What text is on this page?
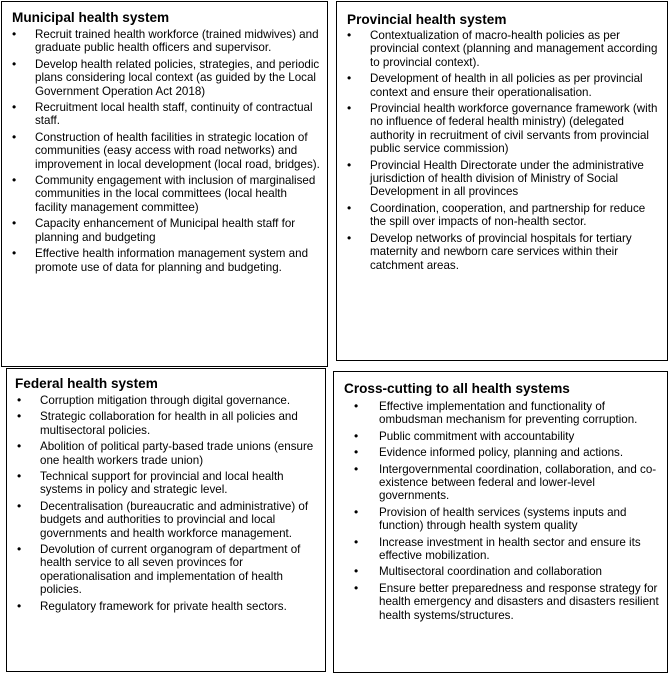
Municipal health system
• Recruit trained health workforce (trained midwives) and graduate public health officers and supervisor.
• Develop health related policies, strategies, and periodic plans considering local context (as guided by the Local Government Operation Act 2018)
• Recruitment local health staff, continuity of contractual staff.
• Construction of health facilities in strategic location of communities (easy access with road networks) and improvement in local development (local road, bridges).
• Community engagement with inclusion of marginalised communities in the local committees (local health facility management committee)
• Capacity enhancement of Municipal health staff for planning and budgeting
• Effective health information management system and promote use of data for planning and budgeting.
Provincial health system
• Contextualization of macro-health policies as per provincial context (planning and management according to provincial context).
• Development of health in all policies as per provincial context and ensure their operationalisation.
• Provincial health workforce governance framework (with no influence of federal health ministry) (delegated authority in recruitment of civil servants from provincial public service commission)
• Provincial Health Directorate under the administrative jurisdiction of health division of Ministry of Social Development in all provinces
• Coordination, cooperation, and partnership for reduce the spill over impacts of non-health sector.
• Develop networks of provincial hospitals for tertiary maternity and newborn care services within their catchment areas.
Federal health system
• Corruption mitigation through digital governance.
• Strategic collaboration for health in all policies and multisectoral policies.
• Abolition of political party-based trade unions (ensure one health workers trade union)
• Technical support for provincial and local health systems in policy and strategic level.
• Decentralisation (bureaucratic and administrative) of budgets and authorities to provincial and local governments and health workforce management.
• Devolution of current organogram of department of health service to all seven provinces for operationalisation and implementation of health policies.
• Regulatory framework for private health sectors.
Cross-cutting to all health systems
• Effective implementation and functionality of ombudsman mechanism for preventing corruption.
• Public commitment with accountability
• Evidence informed policy, planning and actions.
• Intergovernmental coordination, collaboration, and co-existence between federal and lower-level governments.
• Provision of health services (systems inputs and function) through health system quality
• Increase investment in health sector and ensure its effective mobilization.
• Multisectoral coordination and collaboration
• Ensure better preparedness and response strategy for health emergency and disasters and disasters resilient health systems/structures.
